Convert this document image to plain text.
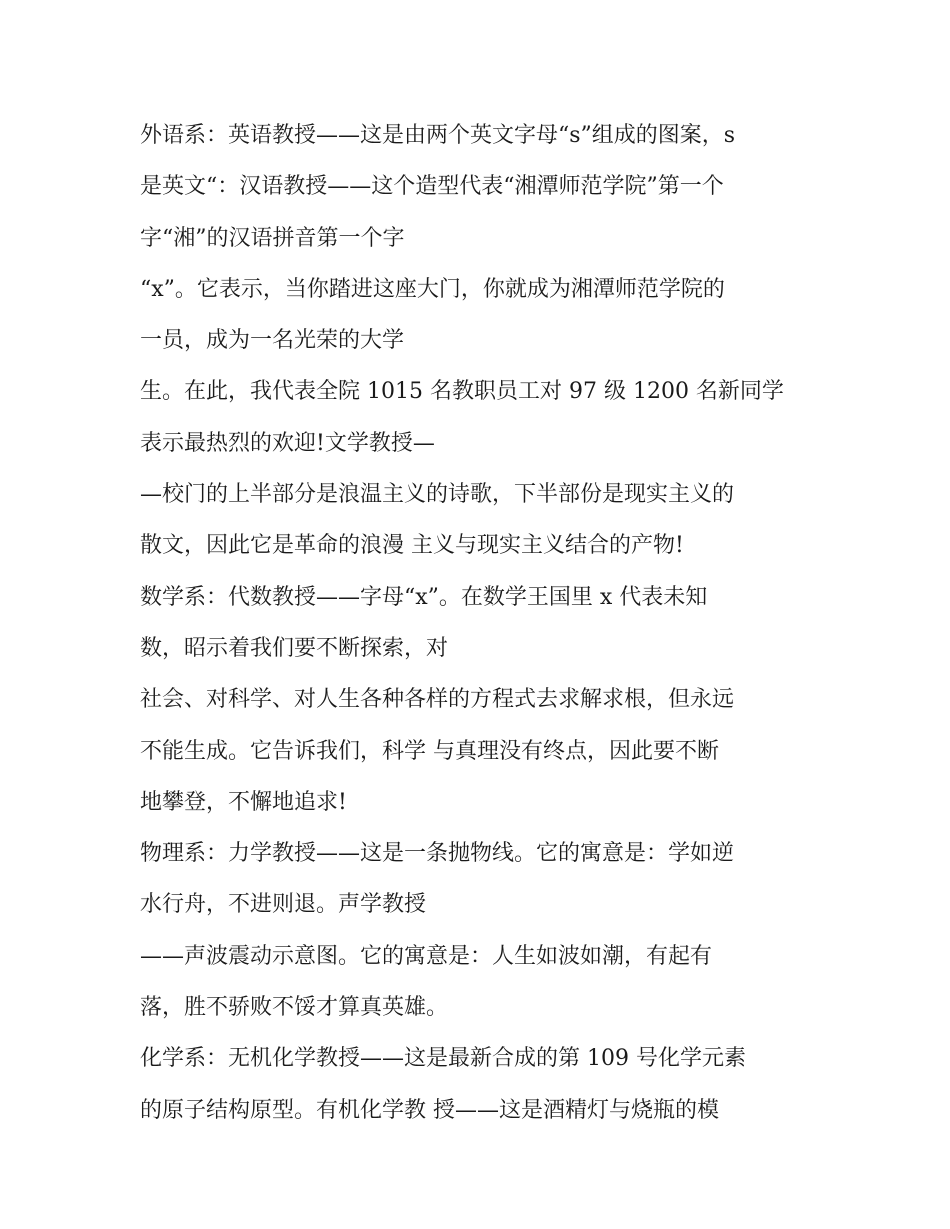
外语系：英语教授——这是由两个英文字母“s”组成的图案，s
是英文“：汉语教授——这个造型代表“湘潭师范学院”第一个
字“湘”的汉语拼音第一个字
“x”。它表示，当你踏进这座大门，你就成为湘潭师范学院的
一员，成为一名光荣的大学
生。在此，我代表全院 1015 名教职员工对 97 级 1200 名新同学
表示最热烈的欢迎!文学教授—
—校门的上半部分是浪温主义的诗歌，下半部份是现实主义的
散文，因此它是革命的浪漫 主义与现实主义结合的产物!
数学系：代数教授——字母“x”。在数学王国里 x 代表未知
数，昭示着我们要不断探索，对
社会、对科学、对人生各种各样的方程式去求解求根，但永远
不能生成。它告诉我们，科学 与真理没有终点，因此要不断
地攀登，不懈地追求!
物理系：力学教授——这是一条抛物线。它的寓意是：学如逆
水行舟，不进则退。声学教授
——声波震动示意图。它的寓意是：人生如波如潮，有起有
落，胜不骄败不馁才算真英雄。
化学系：无机化学教授——这是最新合成的第 109 号化学元素
的原子结构原型。有机化学教 授——这是酒精灯与烧瓶的模
